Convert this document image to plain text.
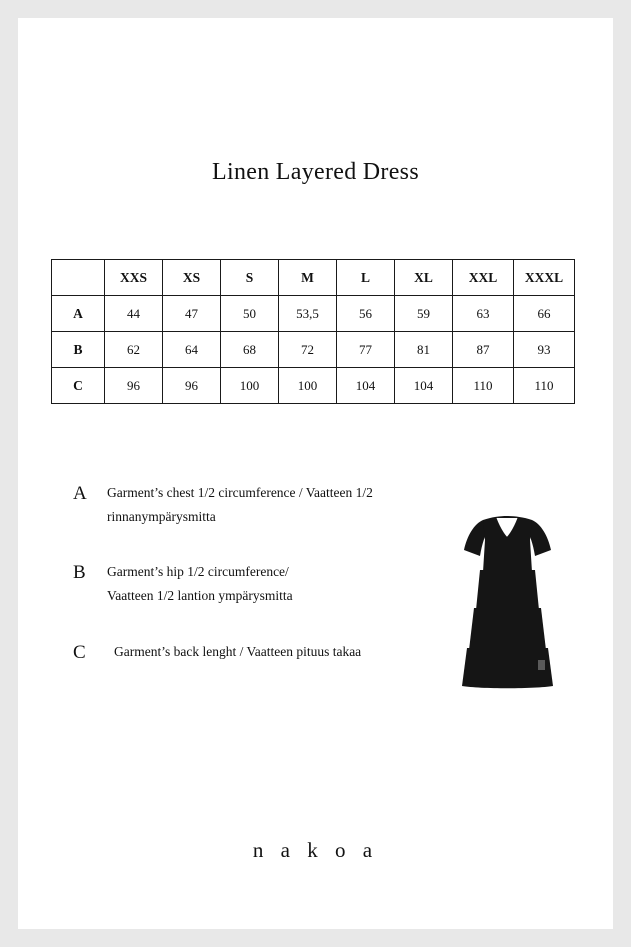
Linen Layered Dress
	XXS	XS	S	M	L	XL	XXL	XXXL
A	44	47	50	53,5	56	59	63	66
B	62	64	68	72	77	81	87	93
C	96	96	100	100	104	104	110	110
A	Garment’s chest 1/2 circumference / Vaatteen 1/2
rinnanympärysmitta
B	Garment’s hip 1/2 circumference/
Vaatteen 1/2 lantion ympärysmitta
C	Garment’s back lenght / Vaatteen pituus takaa
n a k o a
